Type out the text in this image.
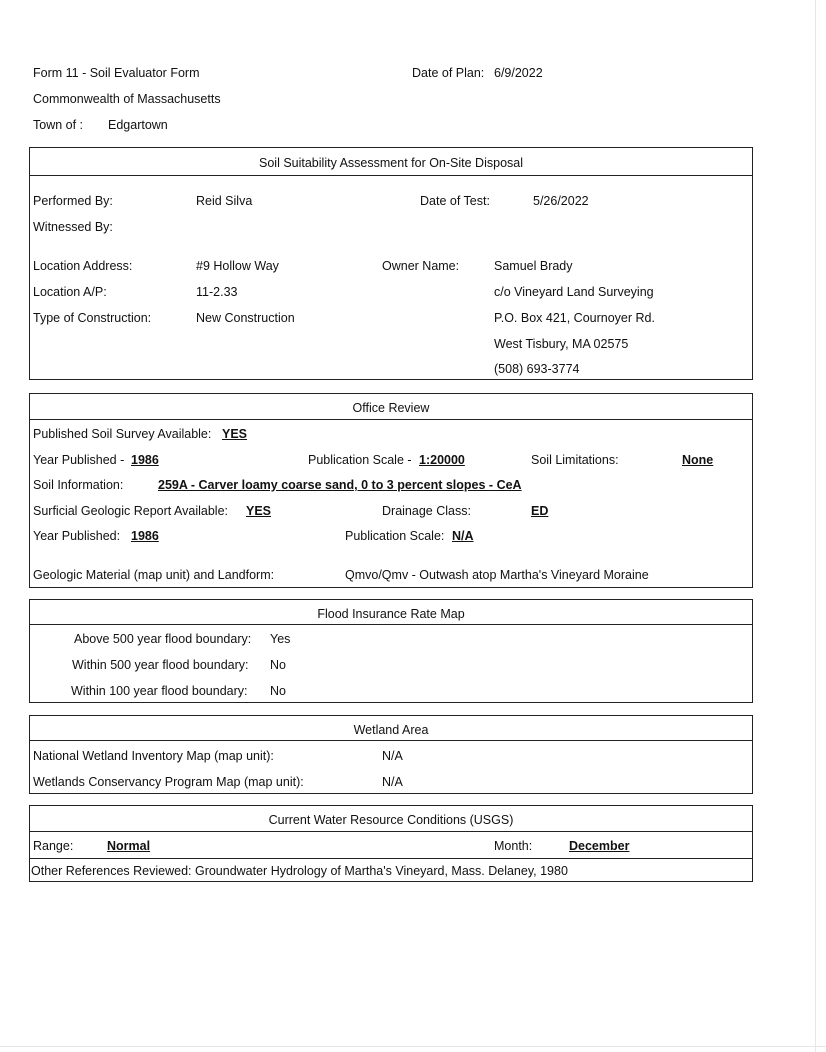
Form 11 - Soil Evaluator Form	Date of Plan: 6/9/2022
Commonwealth of Massachusetts
Town of : Edgartown
Soil Suitability Assessment for On-Site Disposal
Performed By:	Reid Silva	Date of Test:	5/26/2022
Witnessed By:
Location Address:	#9 Hollow Way	Owner Name:	Samuel Brady
Location A/P:	11-2.33	c/o Vineyard Land Surveying
Type of Construction:	New Construction	P.O. Box 421, Cournoyer Rd.
West Tisbury, MA 02575
(508) 693-3774
Office Review
Published Soil Survey Available: YES
Year Published - 1986	Publication Scale - 1:20000	Soil Limitations:	None
Soil Information:	259A - Carver loamy coarse sand, 0 to 3 percent slopes - CeA
Surficial Geologic Report Available: YES	Drainage Class:	ED
Year Published: 1986	Publication Scale: N/A
Geologic Material (map unit) and Landform:	Qmvo/Qmv - Outwash atop Martha's Vineyard Moraine
Flood Insurance Rate Map
Above 500 year flood boundary: Yes
Within 500 year flood boundary: No
Within 100 year flood boundary: No
Wetland Area
National Wetland Inventory Map (map unit):	N/A
Wetlands Conservancy Program Map (map unit):	N/A
Current Water Resource Conditions (USGS)
Range:	Normal	Month:	December
Other References Reviewed: Groundwater Hydrology of Martha's Vineyard, Mass. Delaney, 1980
